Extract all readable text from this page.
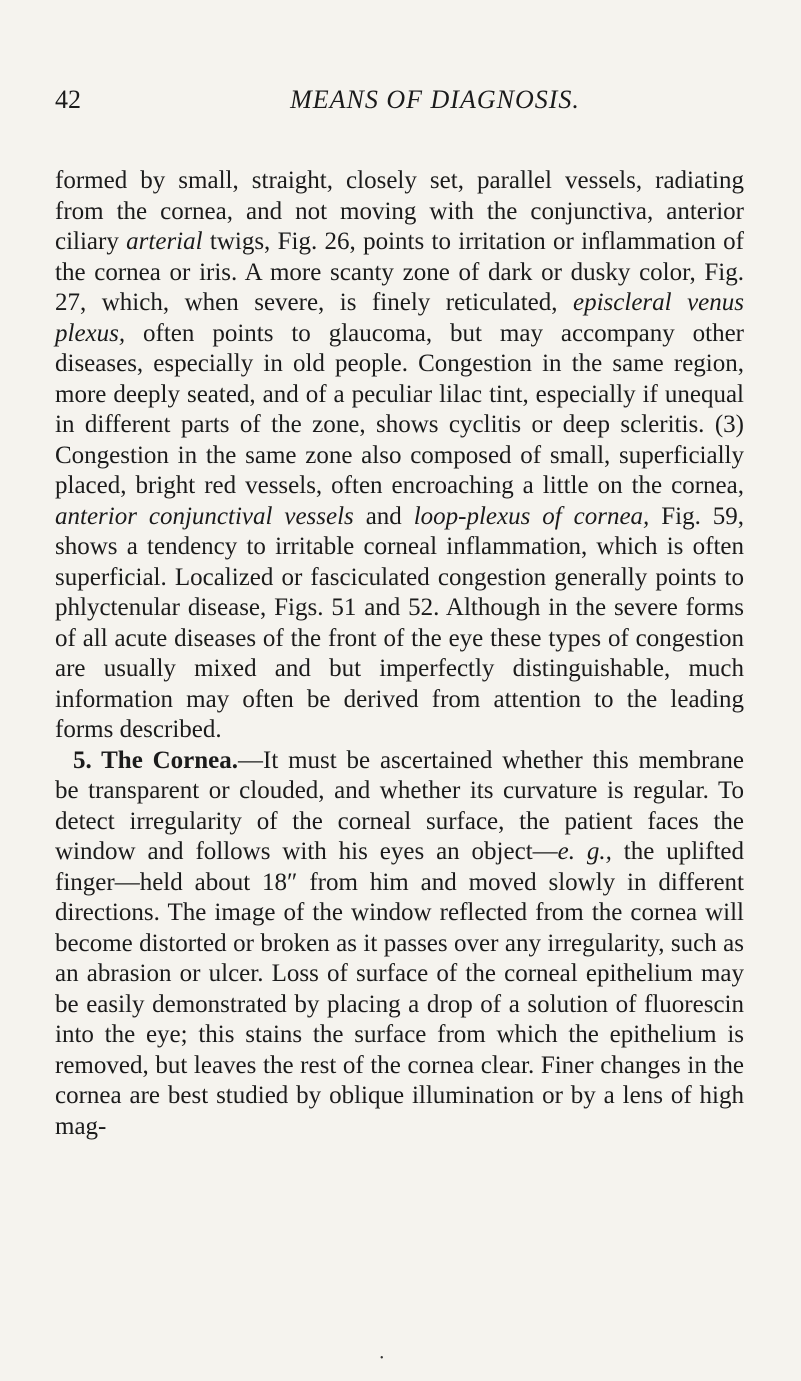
42	MEANS OF DIAGNOSIS.

formed by small, straight, closely set, parallel vessels, radiating from the cornea, and not moving with the conjunctiva, anterior ciliary arterial twigs, Fig. 26, points to irritation or inflammation of the cornea or iris. A more scanty zone of dark or dusky color, Fig. 27, which, when severe, is finely reticulated, episcleral venus plexus, often points to glaucoma, but may accompany other diseases, especially in old people. Congestion in the same region, more deeply seated, and of a peculiar lilac tint, especially if unequal in different parts of the zone, shows cyclitis or deep scleritis. (3) Congestion in the same zone also composed of small, superficially placed, bright red vessels, often encroaching a little on the cornea, anterior conjunctival vessels and loop-plexus of cornea, Fig. 59, shows a tendency to irritable corneal inflammation, which is often superficial. Localized or fasciculated congestion generally points to phlyctenular disease, Figs. 51 and 52. Although in the severe forms of all acute diseases of the front of the eye these types of congestion are usually mixed and but imperfectly distinguishable, much information may often be derived from attention to the leading forms described.

5. The Cornea.—It must be ascertained whether this membrane be transparent or clouded, and whether its curvature is regular. To detect irregularity of the corneal surface, the patient faces the window and follows with his eyes an object—e. g., the uplifted finger—held about 18″ from him and moved slowly in different directions. The image of the window reflected from the cornea will become distorted or broken as it passes over any irregularity, such as an abrasion or ulcer. Loss of surface of the corneal epithelium may be easily demonstrated by placing a drop of a solution of fluorescin into the eye; this stains the surface from which the epithelium is removed, but leaves the rest of the cornea clear. Finer changes in the cornea are best studied by oblique illumination or by a lens of high mag-

•
